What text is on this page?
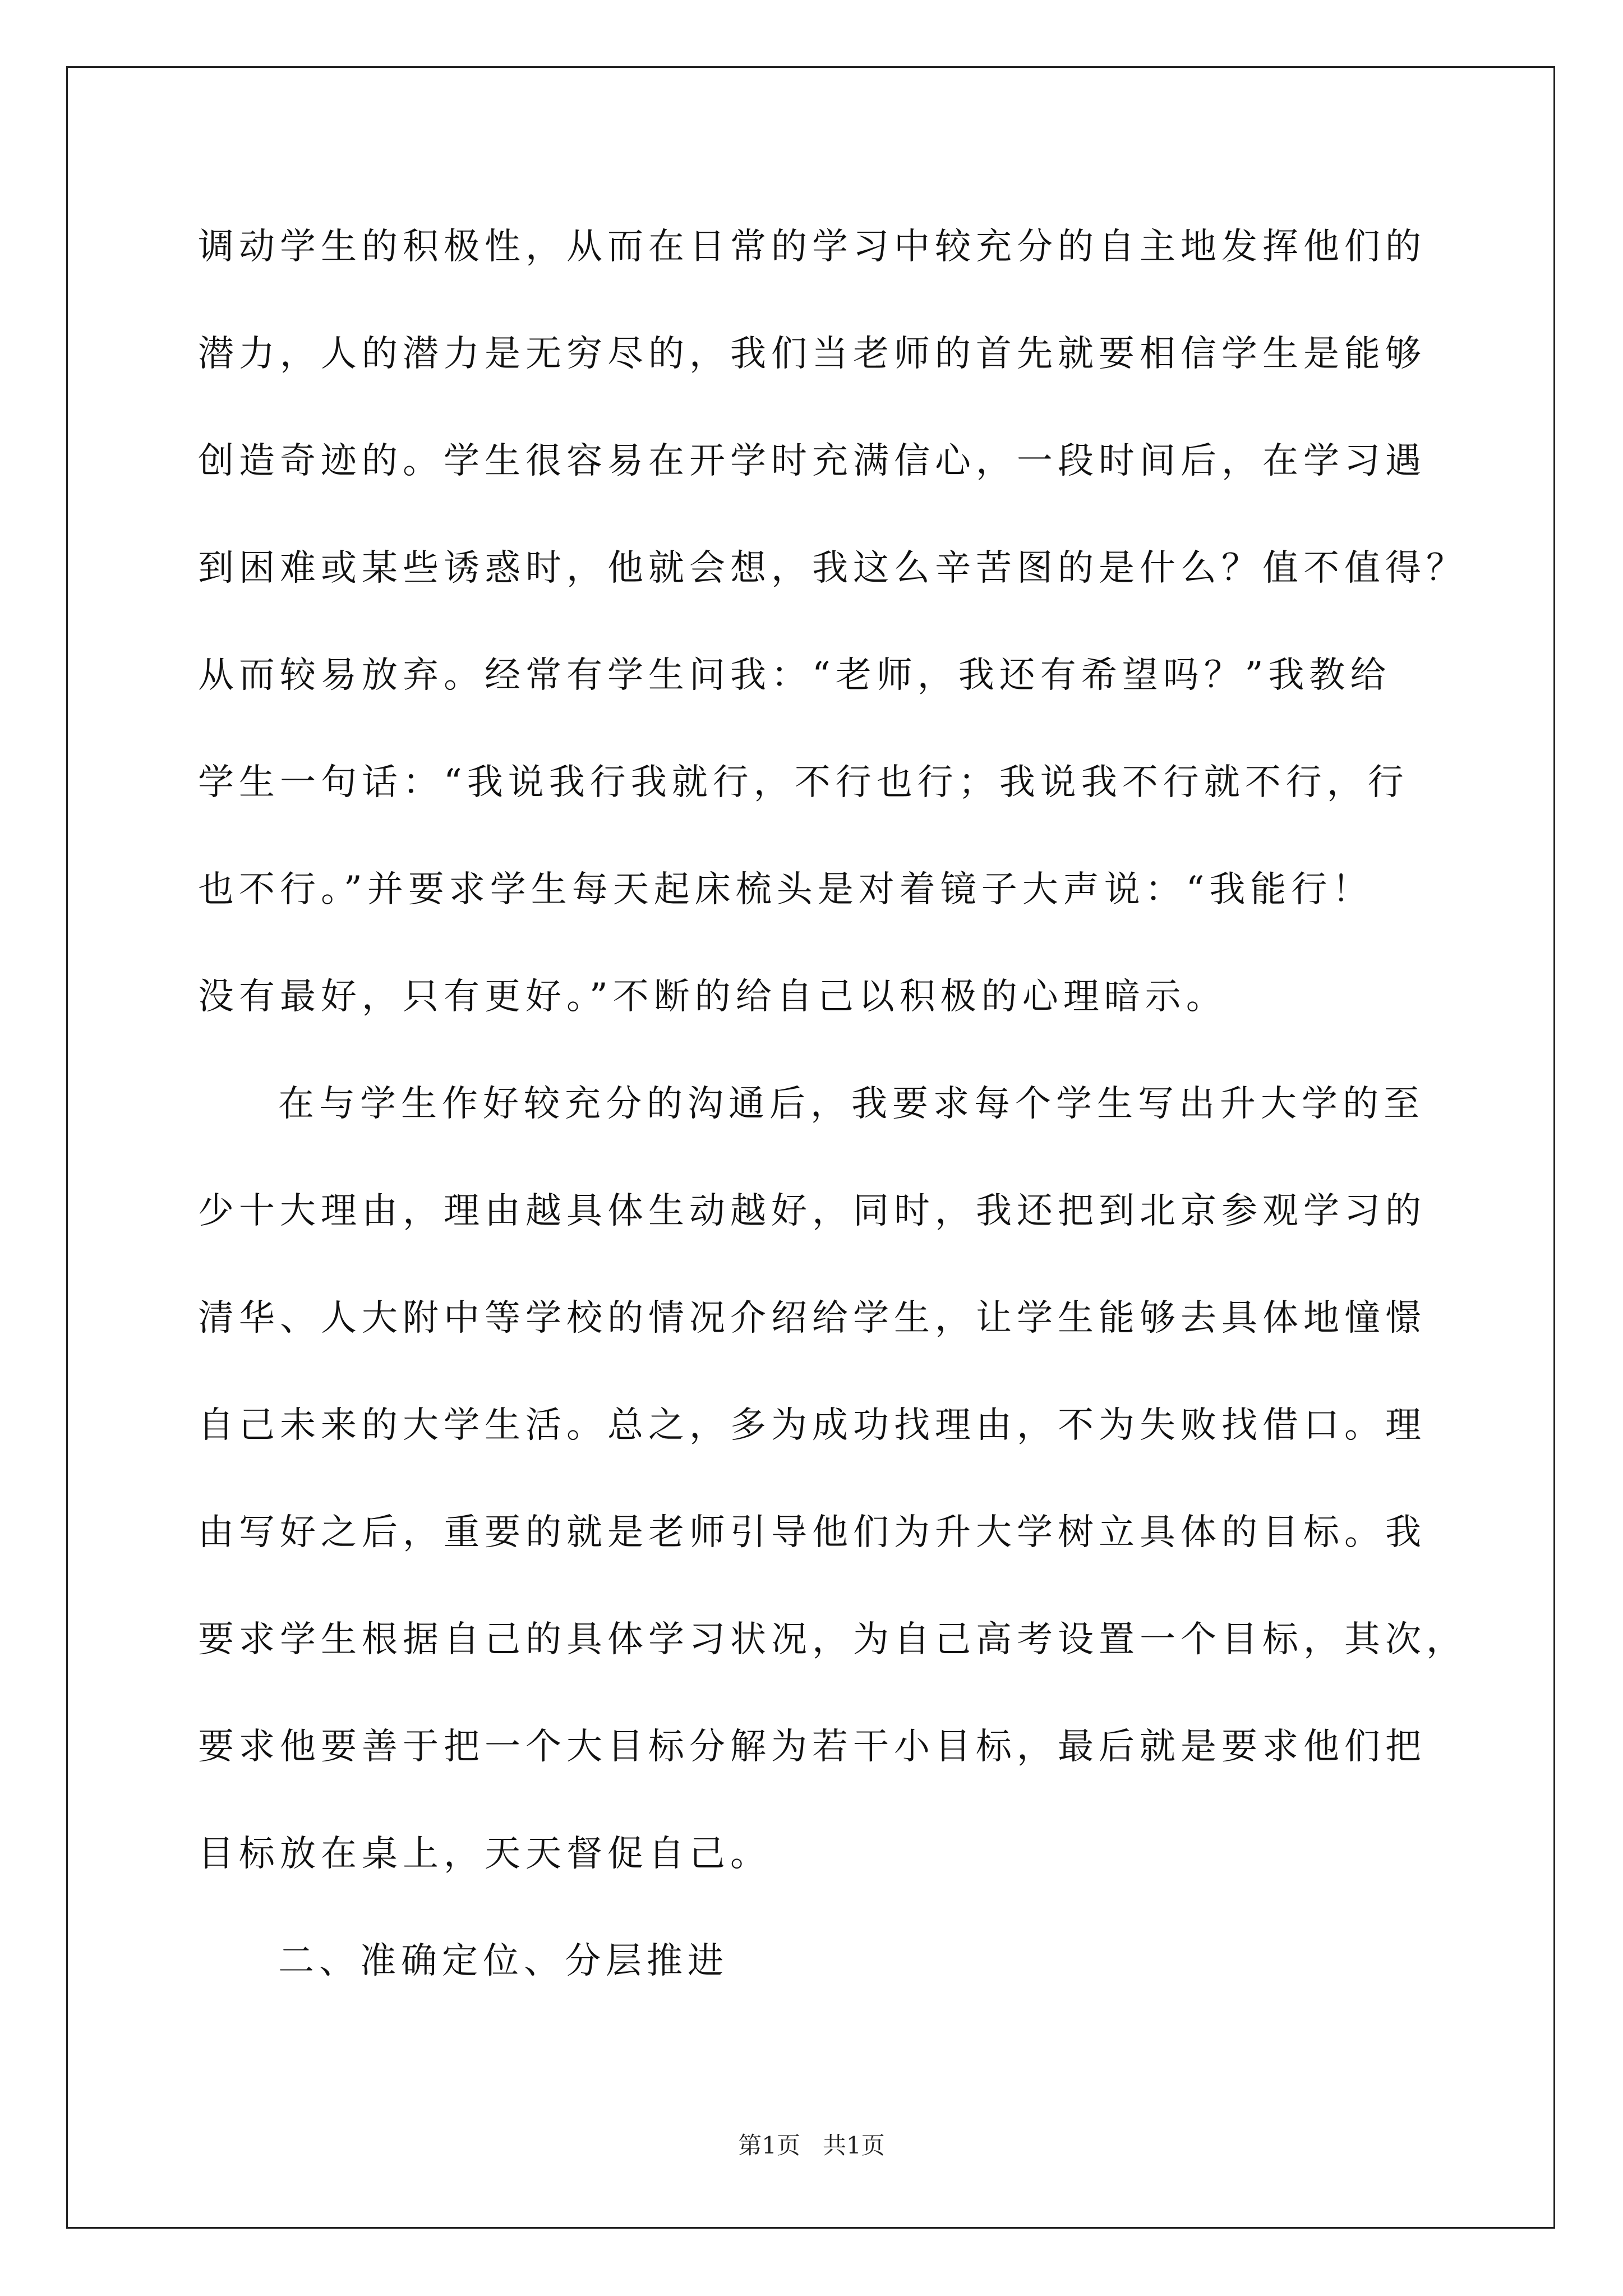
调动学生的积极性，从而在日常的学习中较充分的自主地发挥他们的
潜力，人的潜力是无穷尽的，我们当老师的首先就要相信学生是能够
创造奇迹的。学生很容易在开学时充满信心，一段时间后，在学习遇
到困难或某些诱惑时，他就会想，我这么辛苦图的是什么？值不值得？
从而较易放弃。经常有学生问我：“老师，我还有希望吗？”我教给
学生一句话：“我说我行我就行，不行也行；我说我不行就不行，行
也不行。”并要求学生每天起床梳头是对着镜子大声说：“我能行！
没有最好，只有更好。”不断的给自己以积极的心理暗示。
在与学生作好较充分的沟通后，我要求每个学生写出升大学的至
少十大理由，理由越具体生动越好，同时，我还把到北京参观学习的
清华、人大附中等学校的情况介绍给学生，让学生能够去具体地憧憬
自己未来的大学生活。总之，多为成功找理由，不为失败找借口。理
由写好之后，重要的就是老师引导他们为升大学树立具体的目标。我
要求学生根据自己的具体学习状况，为自己高考设置一个目标，其次，
要求他要善于把一个大目标分解为若干小目标，最后就是要求他们把
目标放在桌上，天天督促自己。
二、准确定位、分层推进
第1页   共1页
